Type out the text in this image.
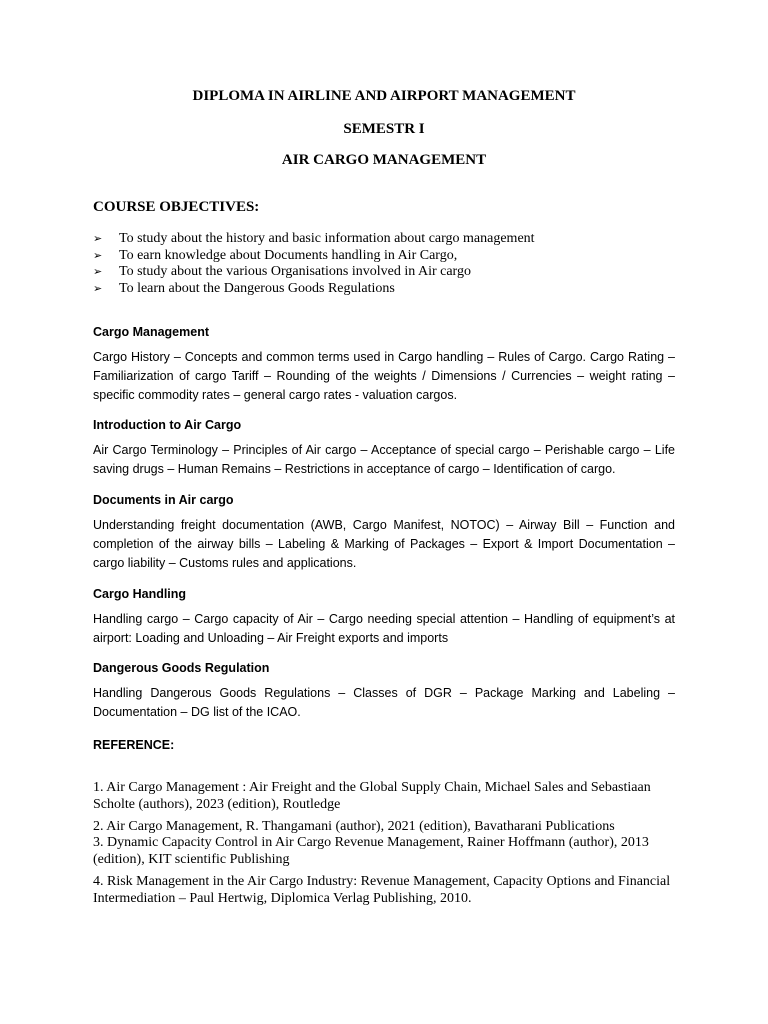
DIPLOMA IN AIRLINE AND AIRPORT MANAGEMENT
SEMESTR I
AIR CARGO MANAGEMENT
COURSE OBJECTIVES:
➢ To study about the history and basic information about cargo management
➢ To earn knowledge about Documents handling in Air Cargo,
➢ To study about the various Organisations involved in Air cargo
➢ To learn about the Dangerous Goods Regulations

Cargo Management

Cargo History – Concepts and common terms used in Cargo handling – Rules of Cargo. Cargo Rating – Familiarization of cargo Tariff – Rounding of the weights / Dimensions / Currencies – weight rating – specific commodity rates – general cargo rates - valuation cargos.

Introduction to Air Cargo

Air Cargo Terminology – Principles of Air cargo – Acceptance of special cargo – Perishable cargo – Life saving drugs – Human Remains – Restrictions in acceptance of cargo – Identification of cargo.

Documents in Air cargo

Understanding freight documentation (AWB, Cargo Manifest, NOTOC) – Airway Bill – Function and completion of the airway bills – Labeling & Marking of Packages – Export & Import Documentation – cargo liability – Customs rules and applications.

Cargo Handling

Handling cargo – Cargo capacity of Air – Cargo needing special attention – Handling of equipment’s at airport: Loading and Unloading – Air Freight exports and imports

Dangerous Goods Regulation

Handling Dangerous Goods Regulations – Classes of DGR – Package Marking and Labeling – Documentation – DG list of the ICAO.

REFERENCE:

1. Air Cargo Management : Air Freight and the Global Supply Chain, Michael Sales and Sebastiaan Scholte (authors), 2023 (edition), Routledge

2. Air Cargo Management, R. Thangamani (author), 2021 (edition), Bavatharani Publications

3. Dynamic Capacity Control in Air Cargo Revenue Management, Rainer Hoffmann (author), 2013 (edition), KIT scientific Publishing

4. Risk Management in the Air Cargo Industry: Revenue Management, Capacity Options and Financial Intermediation – Paul Hertwig, Diplomica Verlag Publishing, 2010.
